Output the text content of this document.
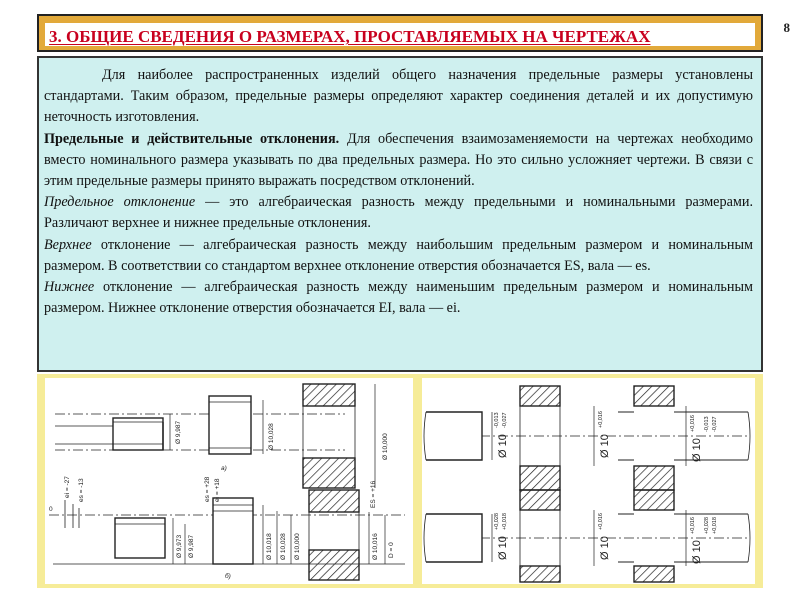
8
3. ОБЩИЕ СВЕДЕНИЯ О РАЗМЕРАХ, ПРОСТАВЛЯЕМЫХ НА ЧЕРТЕЖАХ

Для наиболее распространенных изделий общего назначения предельные размеры установлены стандартами. Таким образом, предельные размеры определяют характер соединения деталей и их допустимую неточность изготовления.

Предельные и действительные отклонения. Для обеспечения взаимозаменяемости на чертежах необходимо вместо номинального размера указывать по два предельных размера. Но это сильно усложняет чертежи. В связи с этим предельные размеры принято выражать посредством отклонений.

Предельное отклонение — это алгебраическая разность между предельными и номинальными размерами. Различают верхнее и нижнее предельные отклонения.

Верхнее отклонение — алгебраическая разность между наибольшим предельным размером и номинальным размером. В соответствии со стандартом верхнее отклонение отверстия обозначается ES, вала — es.

Нижнее отклонение — алгебраическая разность между наименьшим предельным размером и номинальным размером. Нижнее отклонение отверстия обозначается EI, вала — ei.

Ø 9,987	Ø 10,028	Ø 10,000
а)
0
ei = -27 es = -13	es = +28 ei = +18	ES = +16
Ø 9,973 Ø 9,987	Ø 10,018 Ø 10,028 Ø 10,000	Ø 10,016 D = 0
б)
Ø 10
-0,013 -0,027
Ø 10
+0,016
Ø 10
+0,016 -0,013 -0,027
Ø 10
+0,028 +0,018
Ø 10
+0,016
Ø 10
+0,016 +0,028 +0,018
